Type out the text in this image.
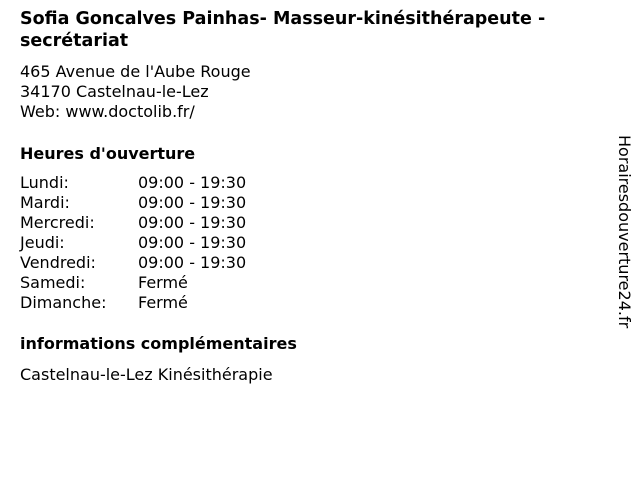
Sofia Goncalves Painhas- Masseur-kinésithérapeute - secrétariat
465 Avenue de l'Aube Rouge
34170 Castelnau-le-Lez
Web: www.doctolib.fr/
Heures d'ouverture
Lundi:	09:00 - 19:30
Mardi:	09:00 - 19:30
Mercredi:	09:00 - 19:30
Jeudi:	09:00 - 19:30
Vendredi:	09:00 - 19:30
Samedi:	Fermé
Dimanche:	Fermé
informations complémentaires
Castelnau-le-Lez Kinésithérapie
Horairesdouverture24.fr
